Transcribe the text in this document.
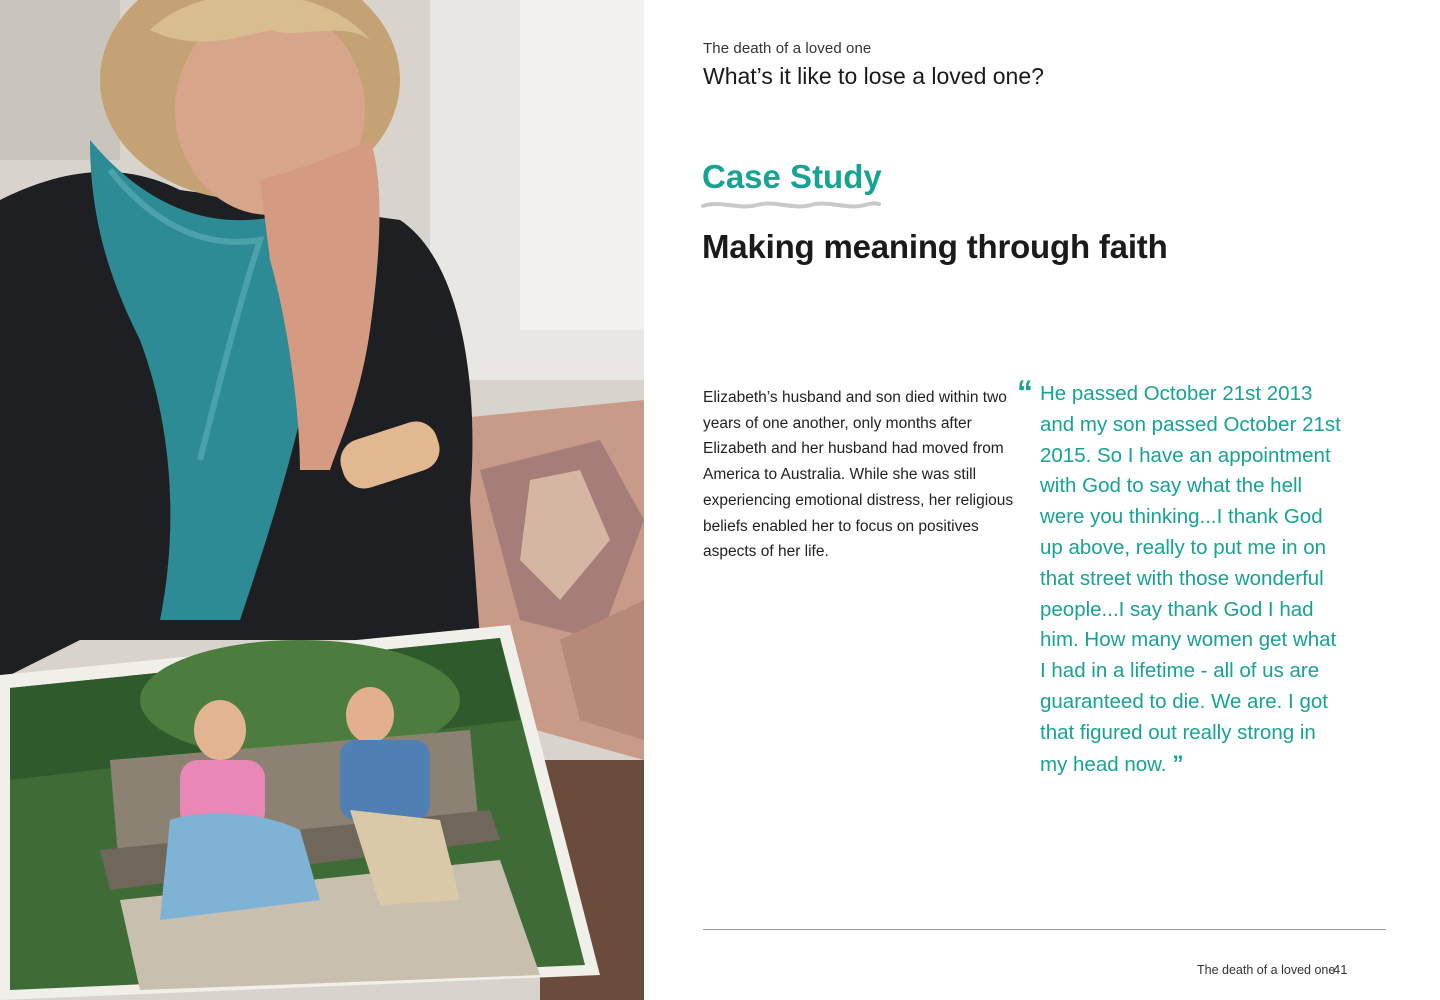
The death of a loved one
What’s it like to lose a loved one?
Case Study
Making meaning through faith

Elizabeth’s husband and son died within two years of one another, only months after Elizabeth and her husband had moved from America to Australia. While she was still experiencing emotional distress, her religious beliefs enabled her to focus on positives aspects of her life.

“ He passed October 21st 2013 and my son passed October 21st 2015. So I have an appointment with God to say what the hell were you thinking...I thank God up above, really to put me in on that street with those wonderful people...I say thank God I had him. How many women get what I had in a lifetime - all of us are guaranteed to die. We are. I got that figured out really strong in my head now. ”

The death of a loved one
41
